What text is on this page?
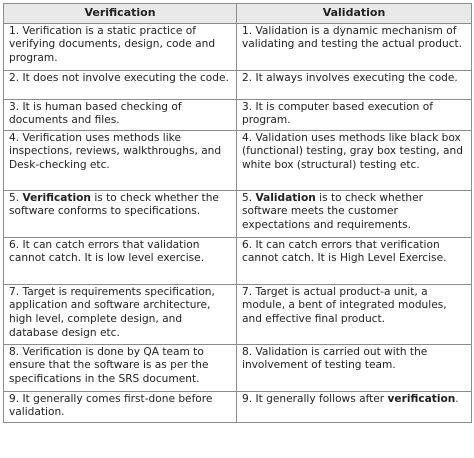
Verification	Validation
1. Verification is a static practice of verifying documents, design, code and program.	1. Validation is a dynamic mechanism of validating and testing the actual product.
2. It does not involve executing the code.	2. It always involves executing the code.
3. It is human based checking of documents and files.	3. It is computer based execution of program.
4. Verification uses methods like inspections, reviews, walkthroughs, and Desk-checking etc.	4. Validation uses methods like black box (functional) testing, gray box testing, and white box (structural) testing etc.
5. Verification is to check whether the software conforms to specifications.	5. Validation is to check whether software meets the customer expectations and requirements.
6. It can catch errors that validation cannot catch. It is low level exercise.	6. It can catch errors that verification cannot catch. It is High Level Exercise.
7. Target is requirements specification, application and software architecture, high level, complete design, and database design etc.	7. Target is actual product-a unit, a module, a bent of integrated modules, and effective final product.
8. Verification is done by QA team to ensure that the software is as per the specifications in the SRS document.	8. Validation is carried out with the involvement of testing team.
9. It generally comes first-done before validation.	9. It generally follows after verification.
